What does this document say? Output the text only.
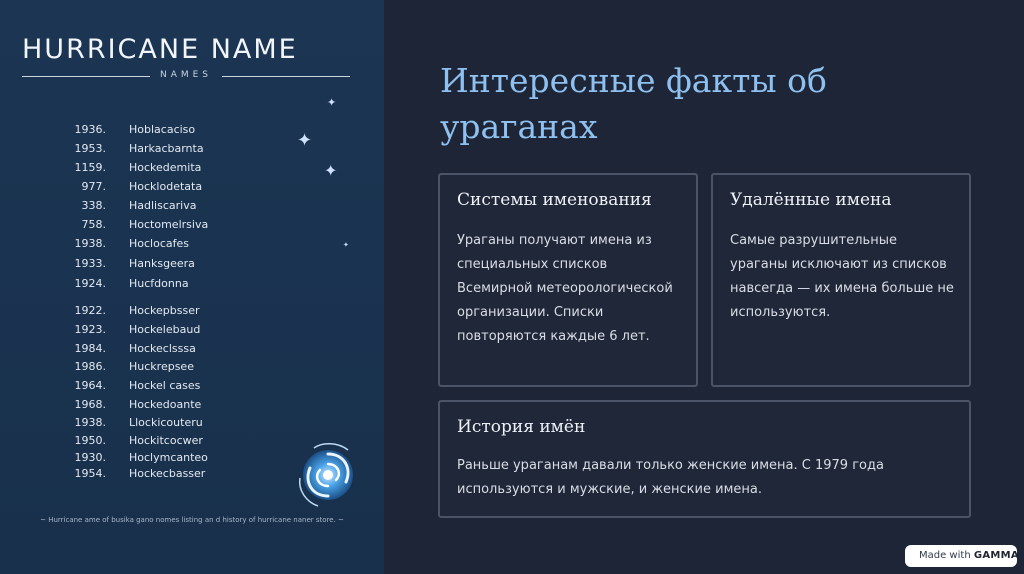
HURRICANE NAME
NAMES
1936. Hoblacaciso
1953. Harkacbarnta
1159. Hockedemita
977. Hocklodetata
338. Hadliscariva
758. Hoctomelrsiva
1938. Hoclocafes
1933. Hanksgeera
1924. Hucfdonna
1922. Hockepbsser
1923. Hockelebaud
1984. Hockeclsssa
1986. Huckrepsee
1964. Hockel cases
1968. Hockedoante
1938. Llockicouteru
1950. Hockitcocwer
1930. Hoclymcanteo
1954. Hockecbasser
✦
✦
✦
✦
~ Hurricane ame of busika gano nomes listing an d history of hurricane naner store. ~
Интересные факты об ураганах
Системы именования

Ураганы получают имена из специальных списков Всемирной метеорологической организации. Списки повторяются каждые 6 лет.

Удалённые имена

Самые разрушительные ураганы исключают из списков навсегда — их имена больше не используются.

История имён

Раньше ураганам давали только женские имена. С 1979 года используются и мужские, и женские имена.

Made with GAMMA
